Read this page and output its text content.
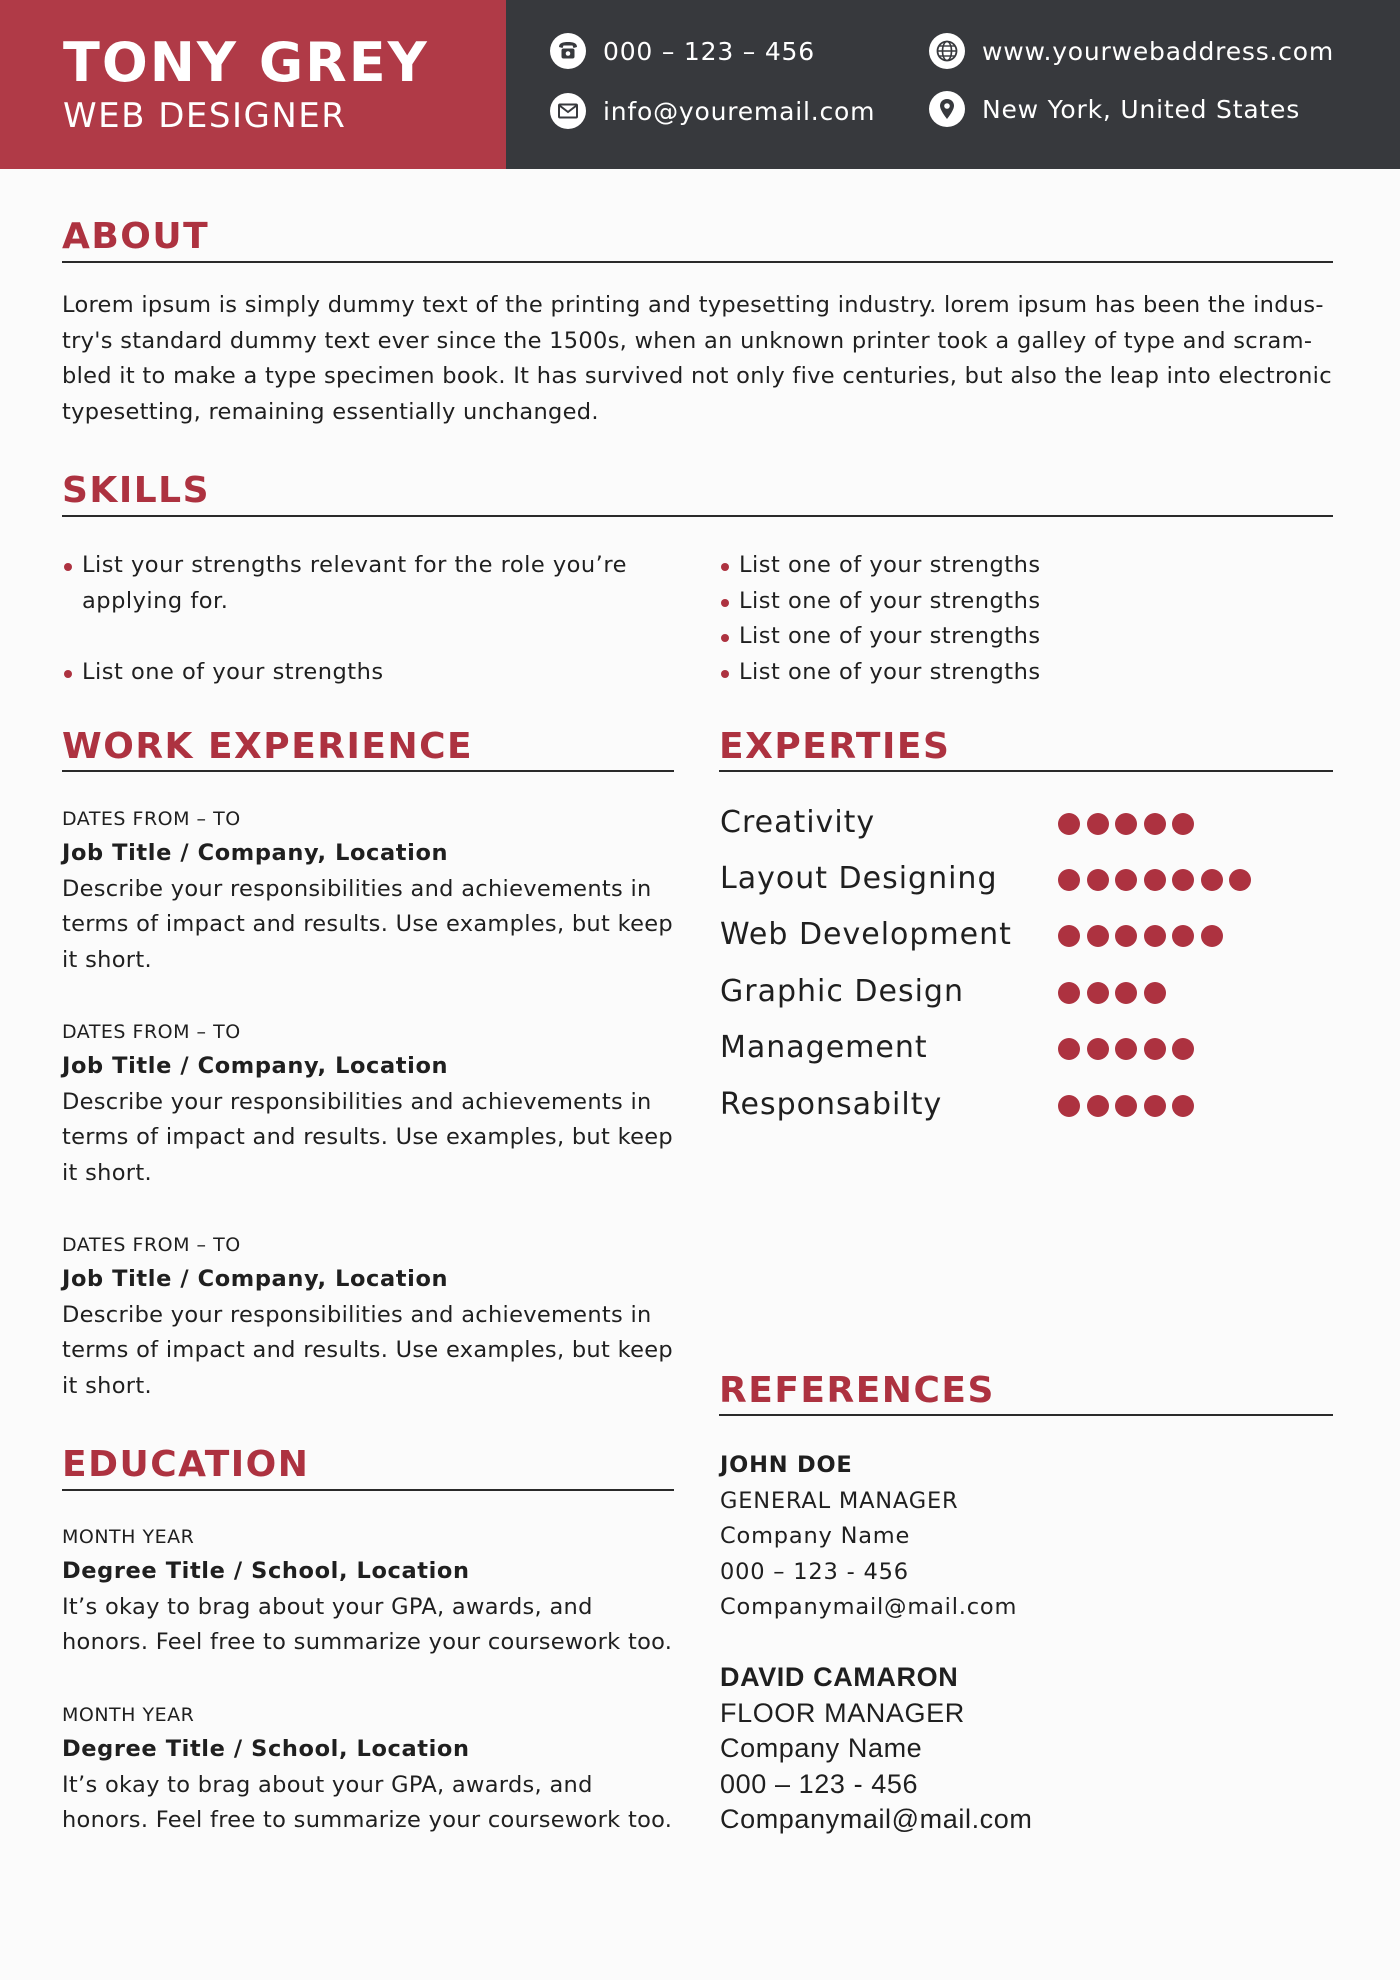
TONY GREY
WEB DESIGNER
000 – 123 – 456
info@youremail.com
www.yourwebaddress.com
New York, United States
ABOUT
Lorem ipsum is simply dummy text of the printing and typesetting industry. lorem ipsum has been the indus-
try's standard dummy text ever since the 1500s, when an unknown printer took a galley of type and scram-
bled it to make a type specimen book. It has survived not only five centuries, but also the leap into electronic
typesetting, remaining essentially unchanged.
SKILLS
List your strengths relevant for the role you’re
applying for.
List one of your strengths
List one of your strengths
List one of your strengths
List one of your strengths
List one of your strengths
WORK EXPERIENCE
DATES FROM – TO
Job Title / Company, Location
Describe your responsibilities and achievements in
terms of impact and results. Use examples, but keep
it short.
DATES FROM – TO
Job Title / Company, Location
Describe your responsibilities and achievements in
terms of impact and results. Use examples, but keep
it short.
DATES FROM – TO
Job Title / Company, Location
Describe your responsibilities and achievements in
terms of impact and results. Use examples, but keep
it short.
EDUCATION
MONTH YEAR
Degree Title / School, Location
It’s okay to brag about your GPA, awards, and
honors. Feel free to summarize your coursework too.
MONTH YEAR
Degree Title / School, Location
It’s okay to brag about your GPA, awards, and
honors. Feel free to summarize your coursework too.
EXPERTIES
Creativity
Layout Designing
Web Development
Graphic Design
Management
Responsabilty
REFERENCES
JOHN DOE
GENERAL MANAGER
Company Name
000 – 123 - 456
Companymail@mail.com
DAVID CAMARON
FLOOR MANAGER
Company Name
000 – 123 - 456
Companymail@mail.com
